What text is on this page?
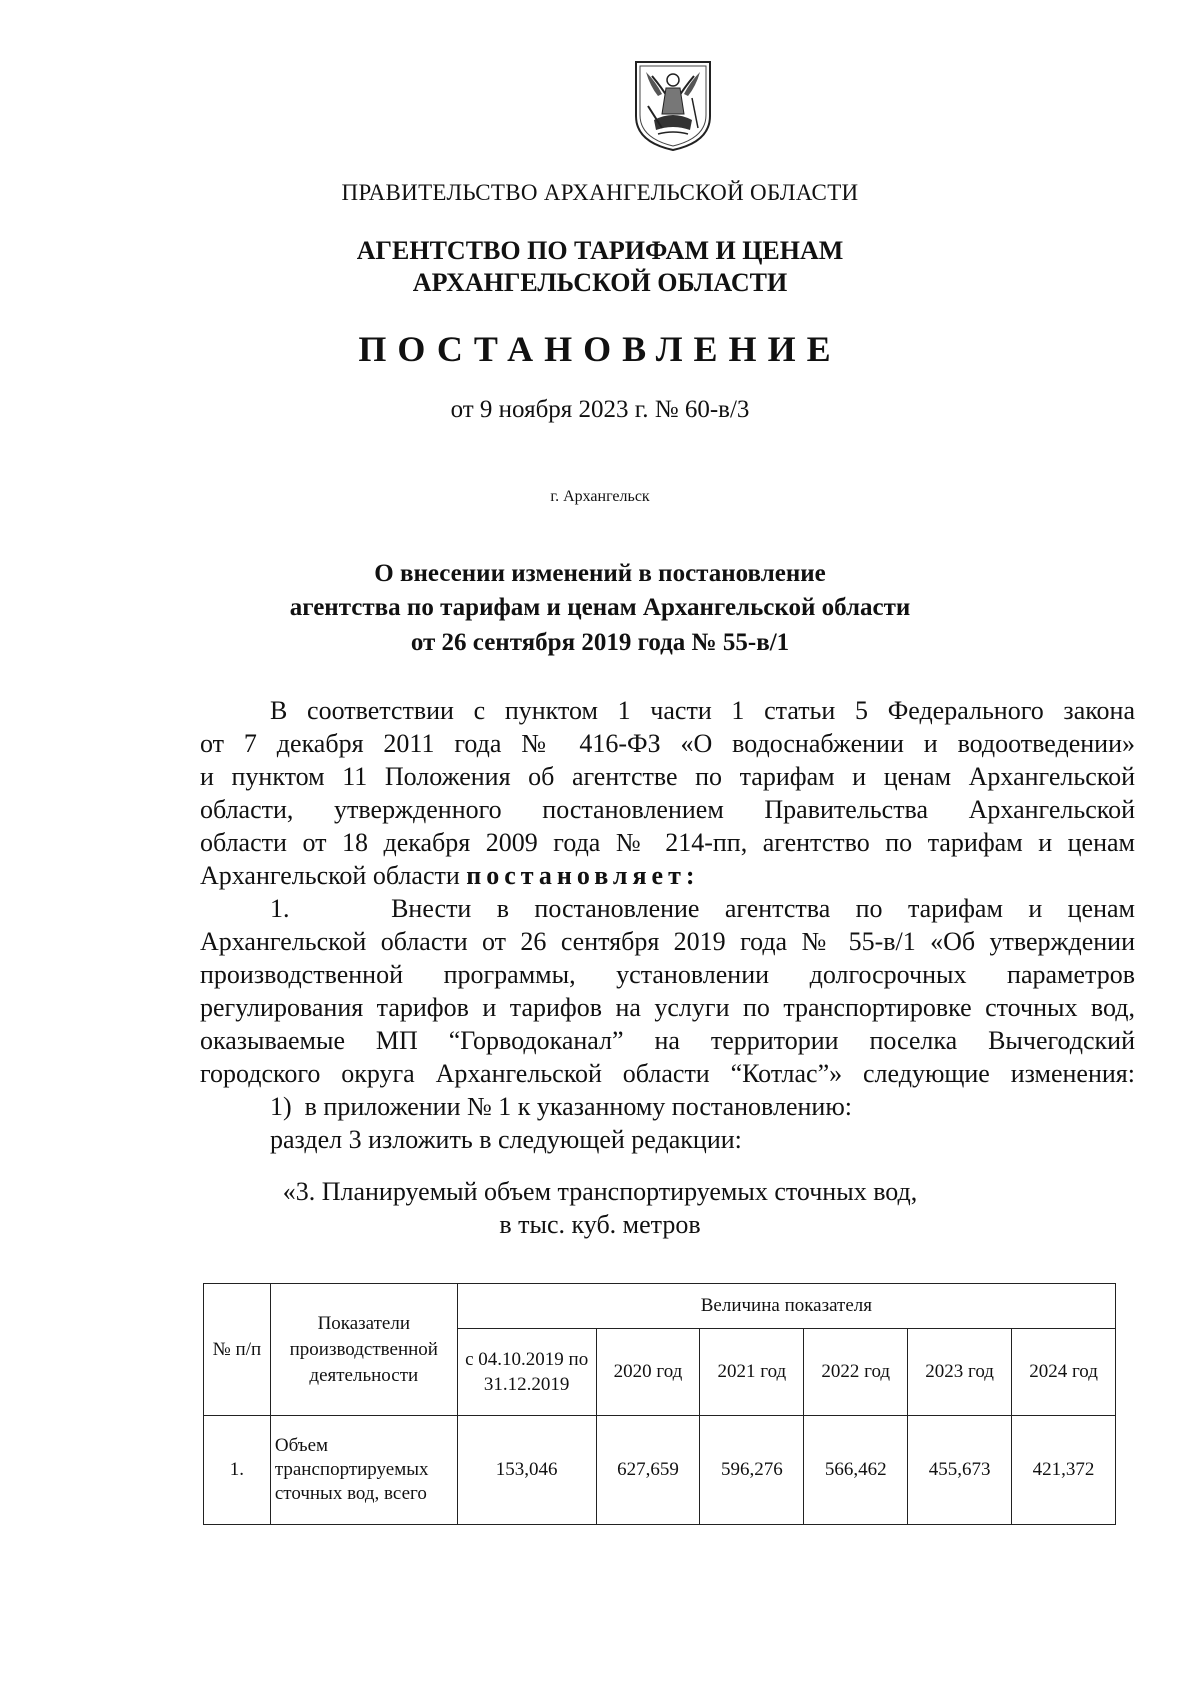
ПРАВИТЕЛЬСТВО АРХАНГЕЛЬСКОЙ ОБЛАСТИ
АГЕНТСТВО ПО ТАРИФАМ И ЦЕНАМ
АРХАНГЕЛЬСКОЙ ОБЛАСТИ
ПОСТАНОВЛЕНИЕ
от 9 ноября 2023 г. № 60-в/3
г. Архангельск
О внесении изменений в постановление
агентства по тарифам и ценам Архангельской области
от 26 сентября 2019 года № 55-в/1
В соответствии с пунктом 1 части 1 статьи 5 Федерального закона
от 7 декабря 2011 года № 416-ФЗ «О водоснабжении и водоотведении»
и пунктом 11 Положения об агентстве по тарифам и ценам Архангельской
области, утвержденного постановлением Правительства Архангельской
области от 18 декабря 2009 года № 214-пп, агентство по тарифам и ценам
Архангельской области постановляет:
1.    Внести в постановление агентства по тарифам и ценам
Архангельской области от 26 сентября 2019 года № 55-в/1 «Об утверждении
производственной программы, установлении долгосрочных параметров
регулирования тарифов и тарифов на услуги по транспортировке сточных вод,
оказываемые МП “Горводоканал” на территории поселка Вычегодский
городского округа Архангельской области “Котлас”» следующие изменения:
1)  в приложении № 1 к указанному постановлению:
раздел 3 изложить в следующей редакции:
«3. Планируемый объем транспортируемых сточных вод,
в тыс. куб. метров
№ п/п	Показатели производственной деятельности	Величина показателя					
		с 04.10.2019 по 31.12.2019	2020 год	2021 год	2022 год	2023 год	2024 год
1.	Объем транспортируемых сточных вод, всего	153,046	627,659	596,276	566,462	455,673	421,372
